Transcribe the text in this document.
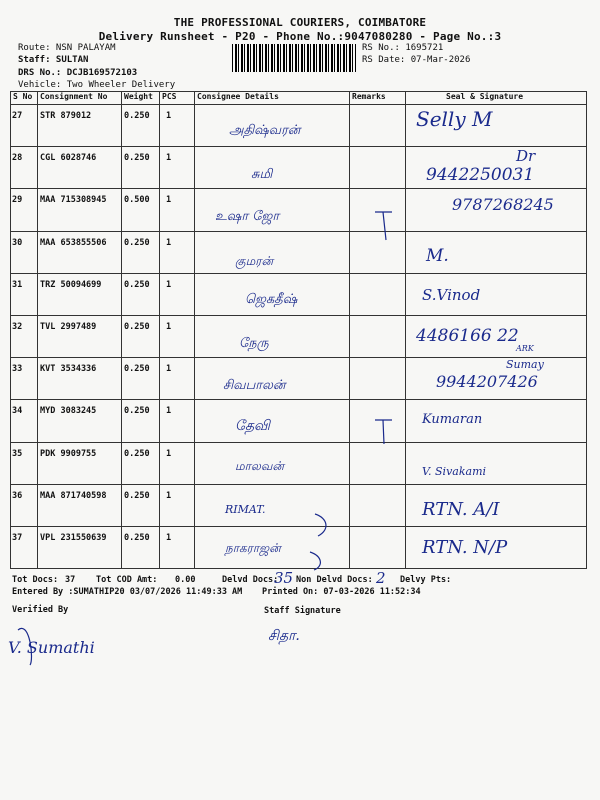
THE PROFESSIONAL COURIERS, COIMBATORE
Delivery Runsheet - P20 - Phone No.:9047080280 - Page No.:3
Route: NSN PALAYAM
Staff: SULTAN
DRS No.: DCJB169572103
Vehicle: Two Wheeler Delivery
RS No.: 1695721
RS Date: 07-Mar-2026
S No	Consignment No	Weight	PCS	Consignee Details	Remarks	Seal & Signature

27	STR 879012	0.250	1	அதிஷ்வரன்		Selly M

28	CGL 6028746	0.250	1	சுமி		Dr
9442250031

29	MAA 715308945	0.500	1	உஷா ஜோ		9787268245

30	MAA 653855506	0.250	1	குமரன்		M.

31	TRZ 50094699	0.250	1	ஜெகதீஷ்		S.Vinod

32	TVL 2997489	0.250	1	நேரு		4486166 22
ARK

33	KVT 3534336	0.250	1	சிவபாலன்		Sumay
9944207426

34	MYD 3083245	0.250	1	தேவி		Kumaran

35	PDK 9909755	0.250	1	மாலவன்		V. Sivakami

36	MAA 871740598	0.250	1	RIMAT.		RTN. A/I

37	VPL 231550639	0.250	1	நாகராஜன்		RTN. N/P
Tot Docs: 37 Tot COD Amt: 0.00	Delvd Docs:
35 Non Delvd Docs: 2 Delvy Pts:
Entered By :SUMATHIP20 03/07/2026 11:49:33 AM Printed On: 07-03-2026 11:52:34
Verified By	Staff Signature
V. Sumathi
சிதா.
